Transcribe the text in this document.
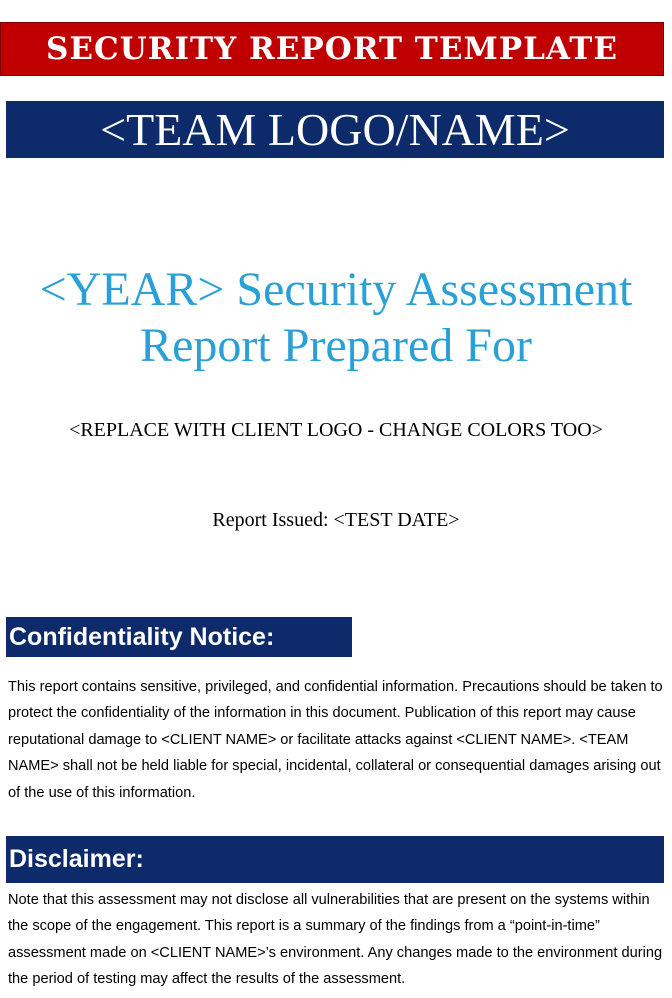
SECURITY REPORT TEMPLATE
<TEAM LOGO/NAME>
<YEAR> Security Assessment
Report Prepared For
<REPLACE WITH CLIENT LOGO - CHANGE COLORS TOO>
Report Issued: <TEST DATE>
Confidentiality Notice:
This report contains sensitive, privileged, and confidential information. Precautions should be taken to protect the confidentiality of the information in this document. Publication of this report may cause reputational damage to <CLIENT NAME> or facilitate attacks against <CLIENT NAME>. <TEAM NAME> shall not be held liable for special, incidental, collateral or consequential damages arising out of the use of this information.
Disclaimer:
Note that this assessment may not disclose all vulnerabilities that are present on the systems within the scope of the engagement. This report is a summary of the findings from a “point-in-time” assessment made on <CLIENT NAME>’s environment. Any changes made to the environment during the period of testing may affect the results of the assessment.
